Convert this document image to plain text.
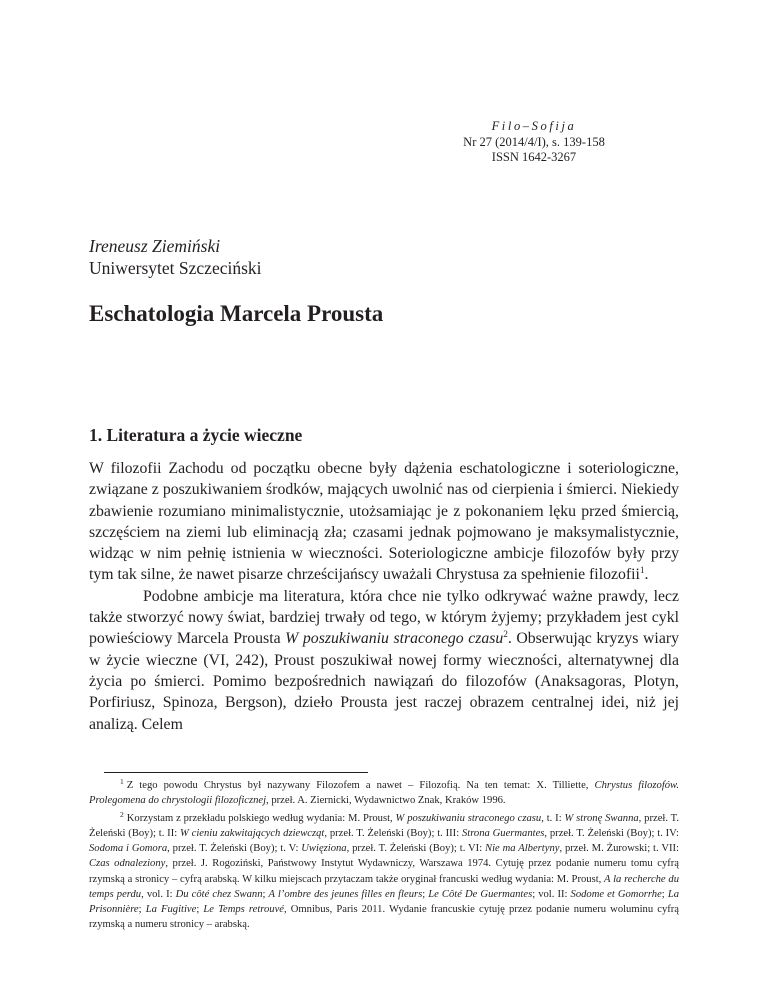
Filo–Sofija
Nr 27 (2014/4/I), s. 139-158
ISSN 1642-3267
Ireneusz Ziemiński
Uniwersytet Szczeciński
Eschatologia Marcela Prousta
1. Literatura a życie wieczne

W filozofii Zachodu od początku obecne były dążenia eschatologiczne i soteriologiczne, związane z poszukiwaniem środków, mających uwolnić nas od cierpienia i śmierci. Niekiedy zbawienie rozumiano minimalistycznie, utożsamiając je z pokonaniem lęku przed śmiercią, szczęściem na ziemi lub eliminacją zła; czasami jednak pojmowano je maksymalistycznie, widząc w nim pełnię istnienia w wieczności. Soteriologiczne ambicje filozofów były przy tym tak silne, że nawet pisarze chrześcijańscy uważali Chrystusa za spełnienie filozofii$^1$.

Podobne ambicje ma literatura, która chce nie tylko odkrywać ważne prawdy, lecz także stworzyć nowy świat, bardziej trwały od tego, w którym żyjemy; przykładem jest cykl powieściowy Marcela Prousta W poszukiwaniu straconego czasu$^2$. Obserwując kryzys wiary w życie wieczne (VI, 242), Proust poszukiwał nowej formy wieczności, alternatywnej dla życia po śmierci. Pomimo bezpośrednich nawiązań do filozofów (Anaksagoras, Plotyn, Porfiriusz, Spinoza, Bergson), dzieło Prousta jest raczej obrazem centralnej idei, niż jej analizą. Celem

$^1$ Z tego powodu Chrystus był nazywany Filozofem a nawet – Filozofią. Na ten temat: X. Tilliette, Chrystus filozofów. Prolegomena do chrystologii filozoficznej, przeł. A. Ziernicki, Wydawnictwo Znak, Kraków 1996.

$^2$ Korzystam z przekładu polskiego według wydania: M. Proust, W poszukiwaniu straconego czasu, t. I: W stronę Swanna, przeł. T. Żeleński (Boy); t. II: W cieniu zakwitających dziewcząt, przeł. T. Żeleński (Boy); t. III: Strona Guermantes, przeł. T. Żeleński (Boy); t. IV: Sodoma i Gomora, przeł. T. Żeleński (Boy); t. V: Uwięziona, przeł. T. Żeleński (Boy); t. VI: Nie ma Albertyny, przeł. M. Żurowski; t. VII: Czas odnaleziony, przeł. J. Rogoziński, Państwowy Instytut Wydawniczy, Warszawa 1974. Cytuję przez podanie numeru tomu cyfrą rzymską a stronicy – cyfrą arabską. W kilku miejscach przytaczam także oryginał francuski według wydania: M. Proust, A la recherche du temps perdu, vol. I: Du côté chez Swann; A l’ombre des jeunes filles en fleurs; Le Côté De Guermantes; vol. II: Sodome et Gomorrhe; La Prisonnière; La Fugitive; Le Temps retrouvé, Omnibus, Paris 2011. Wydanie francuskie cytuję przez podanie numeru woluminu cyfrą rzymską a numeru stronicy – arabską.
